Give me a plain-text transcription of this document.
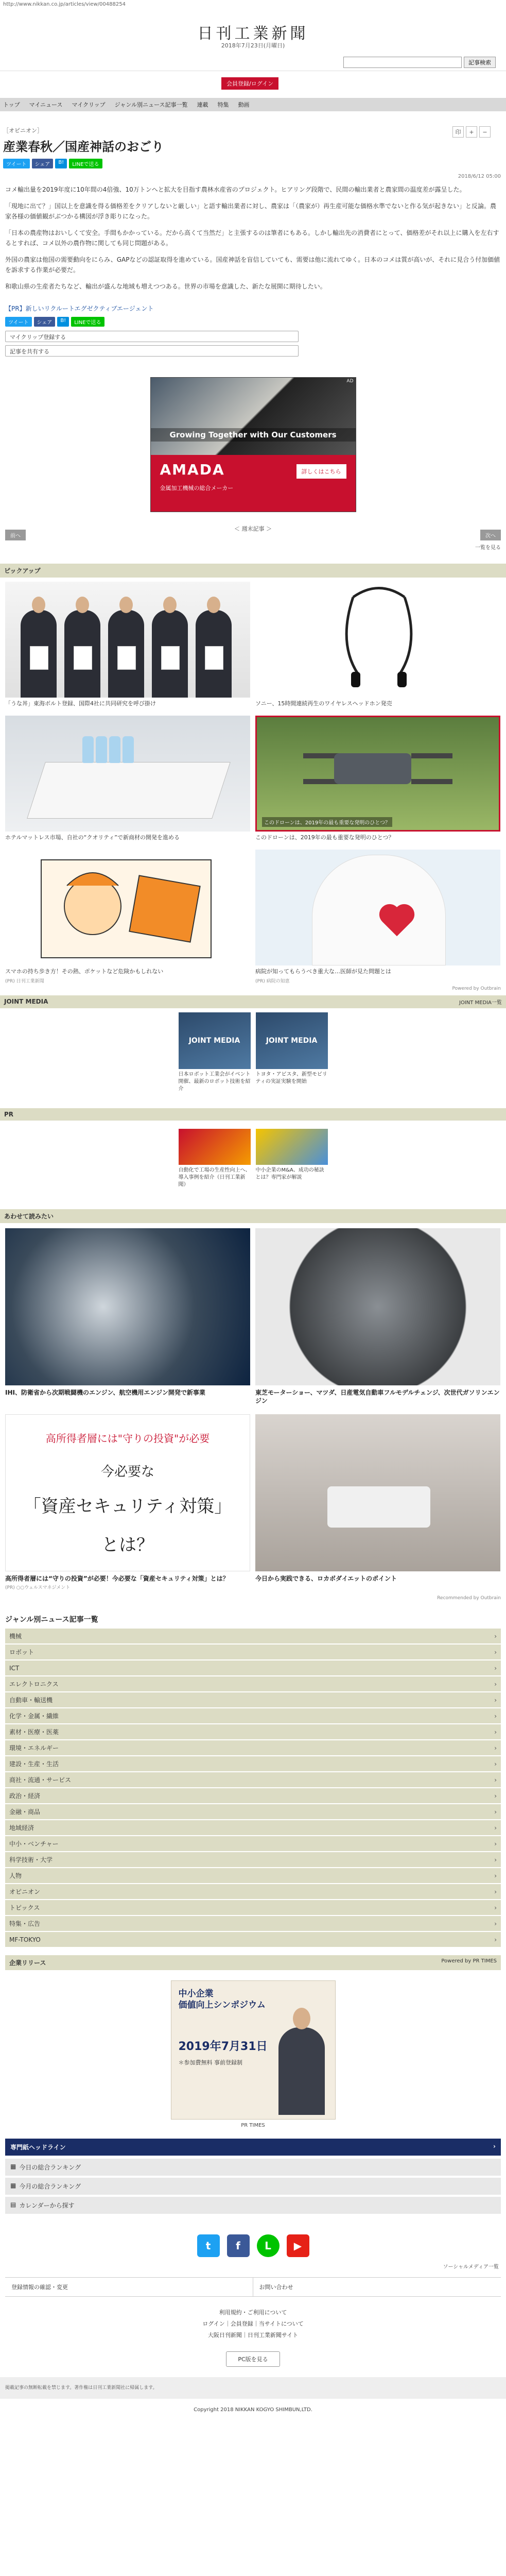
http://www.nikkan.co.jp/articles/view/00488254
日刊工業新聞
2018年7月23日(月曜日)
記事検索
会員登録/ログイン
トップ マイニュース マイクリップ ジャンル別ニュース記事一覧 連載 特集 動画
印	+	−
［オピニオン］
産業春秋／国産神話のおごり
ツイート	シェア	B!	LINEで送る
2018/6/12 05:00

コメ輸出量を2019年度に10年間の4倍強、10万トンへと拡大を目指す農林水産省のプロジェクト。ヒアリング段階で、民間の輸出業者と農家間の温度差が露呈した。

「現地に出て？」国以上を意識を得る価格差をクリアしないと厳しい」と語す輸出業者に対し、農家は「（農家が）再生産可能な価格水準でないと作る気が起きない」と反論。農家各様の価値観がぶつかる構図が浮き彫りになった。

「日本の農産物はおいしくて安全。手間もかかっている。だから高くて当然だ」と主張するのは筆者にもある。しかし輸出先の消費者にとって、価格差がそれ以上に購入を左右するとすれば、コメ以外の農作物に関しても同じ問題がある。

外国の農家は他国の需要動向をにらみ、GAPなどの認証取得を進めている。国産神話を盲信していても、需要は他に流れてゆく。日本のコメは質が高いが、それに見合う付加価値を訴求する作業が必要だ。

和歌山県の生産者たちなど、輸出が盛んな地域も増えつつある。世界の市場を意識した、新たな展開に期待したい。

【PR】新しいリクルートエグゼクティブエージェント
ツイート	シェア	B!	LINEで送る
マイクリップ登録する
記事を共有する
AD
Growing Together with Our Customers
AMADA
金属加工機械の総合メーカー
詳しくはこちら
前へ
＜ 週末記事 ＞
次へ
一覧を見る
ピックアップ
「うな丼」東海ボルト登録、国際4社に共同研究を呼び掛け	ソニー、15時間連続再生のワイヤレスヘッドホン発売
ホテルマットレス市場、自社の“クオリティ”で新商材の開発を進める
このドローンは、2019年の最も重要な発明のひとつ？
このドローンは、2019年の最も重要な発明のひとつ？
スマホの持ち歩き方！その熱、ポケットなど危険かもしれない
(PR) 日刊工業新聞
病院が知ってもらうべき重大な…医師が見た問題とは
(PR) 病院の知恵
Powered by Outbrain
JOINT MEDIA	JOINT MEDIA一覧
JOINT MEDIA
日本ロボット工業会がイベント開催、最新のロボット技術を紹介
JOINT MEDIA
トヨタ・アビスタ、新型モビリティの実証実験を開始
PR
自動化で工場の生産性向上へ、導入事例を紹介（日刊工業新聞）
中小企業のM&A、成功の秘訣とは？専門家が解説
あわせて読みたい
IHI、防衛省から次期戦闘機のエンジン、航空機用エンジン開発で新事業	東芝モーターショー、マツダ、日産電気自動車フルモデルチェンジ、次世代ガソリンエンジン
高所得者層には"守りの投資"が必要
今必要な
「資産セキュリティ対策」
とは？
高所得者層には“守りの投資”が必要！今必要な「資産セキュリティ対策」とは？
(PR) ○○ウェルスマネジメント
今日から実践できる、ロカボダイエットのポイント
Recommended by Outbrain
ジャンル別ニュース記事一覧
機械	›
ロボット	›
ICT	›
エレクトロニクス	›
自動車・輸送機	›
化学・金属・繊維	›
素材・医療・医薬	›
環境・エネルギー	›
建設・生産・生活	›
商社・流通・サービス	›
政治・経済	›
金融・商品	›
地域経済	›
中小・ベンチャー	›
科学技術・大学	›
人物	›
オピニオン	›
トピックス	›
特集・広告	›
MF-TOKYO	›
企業リリース	Powered by PR TIMES
中小企業
価値向上シンポジウム
2019年7月31日
＊参加費無料 事前登録制
PR TIMES
専門紙ヘッドライン	›
▦ 今日の総合ランキング
▦ 今月の総合ランキング
▤ カレンダーから探す
t	f	L	▶
ソーシャルメディア一覧
登録情報の確認・変更	お問い合わせ
利用規約・ご利用について
ログイン｜会員登録｜当サイトについて
大阪日刊新聞｜日刊工業新聞サイト
PC版を見る
掲載記事の無断転載を禁じます。著作権は日刊工業新聞社に帰属します。
Copyright 2018 NIKKAN KOGYO SHIMBUN,LTD.
